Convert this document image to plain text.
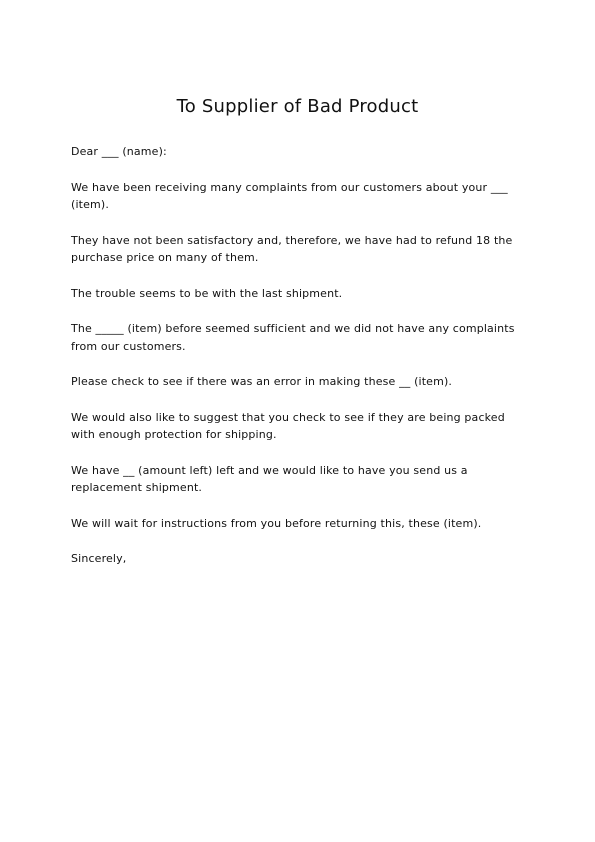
To Supplier of Bad Product

Dear ___ (name):

We have been receiving many complaints from our customers about your ___ (item).

They have not been satisfactory and, therefore, we have had to refund 18 the purchase price on many of them.

The trouble seems to be with the last shipment.

The _____ (item) before seemed sufficient and we did not have any complaints from our customers.

Please check to see if there was an error in making these __ (item).

We would also like to suggest that you check to see if they are being packed with enough protection for shipping.

We have __ (amount left) left and we would like to have you send us a replacement shipment.

We will wait for instructions from you before returning this, these (item).

Sincerely,
